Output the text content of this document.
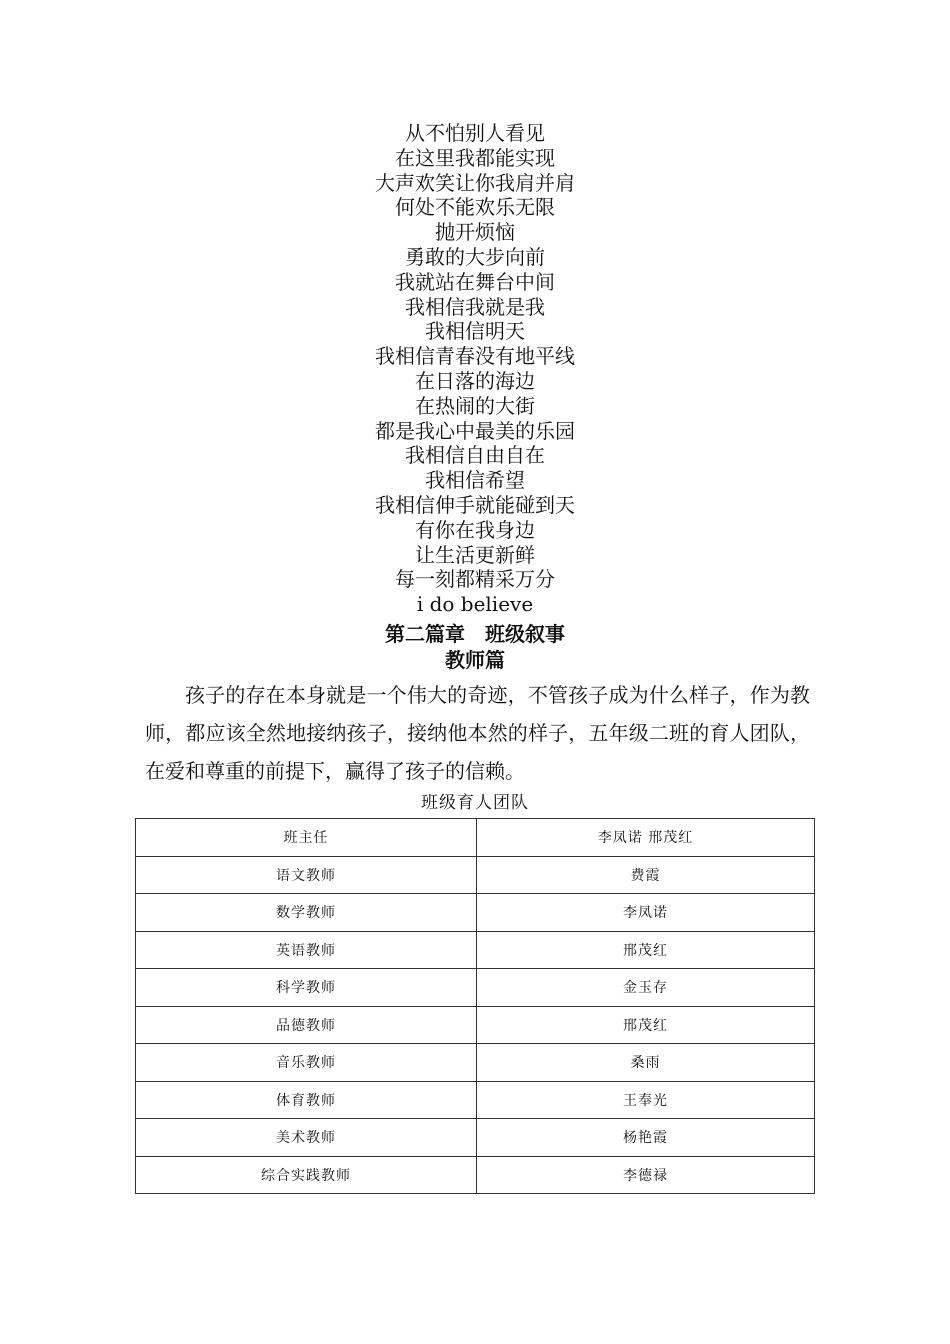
从不怕别人看见
在这里我都能实现
大声欢笑让你我肩并肩
何处不能欢乐无限
抛开烦恼
勇敢的大步向前
我就站在舞台中间
我相信我就是我
我相信明天
我相信青春没有地平线
在日落的海边
在热闹的大街
都是我心中最美的乐园
我相信自由自在
我相信希望
我相信伸手就能碰到天
有你在我身边
让生活更新鲜
每一刻都精采万分
i do believe
第二篇章　班级叙事
教师篇

孩子的存在本身就是一个伟大的奇迹，不管孩子成为什么样子，作为教师，都应该全然地接纳孩子，接纳他本然的样子，五年级二班的育人团队，在爱和尊重的前提下，赢得了孩子的信赖。

班级育人团队
班主任	李凤诺 邢茂红
语文教师	费霞
数学教师	李凤诺
英语教师	邢茂红
科学教师	金玉存
品德教师	邢茂红
音乐教师	桑雨
体育教师	王奉光
美术教师	杨艳霞
综合实践教师	李德禄
